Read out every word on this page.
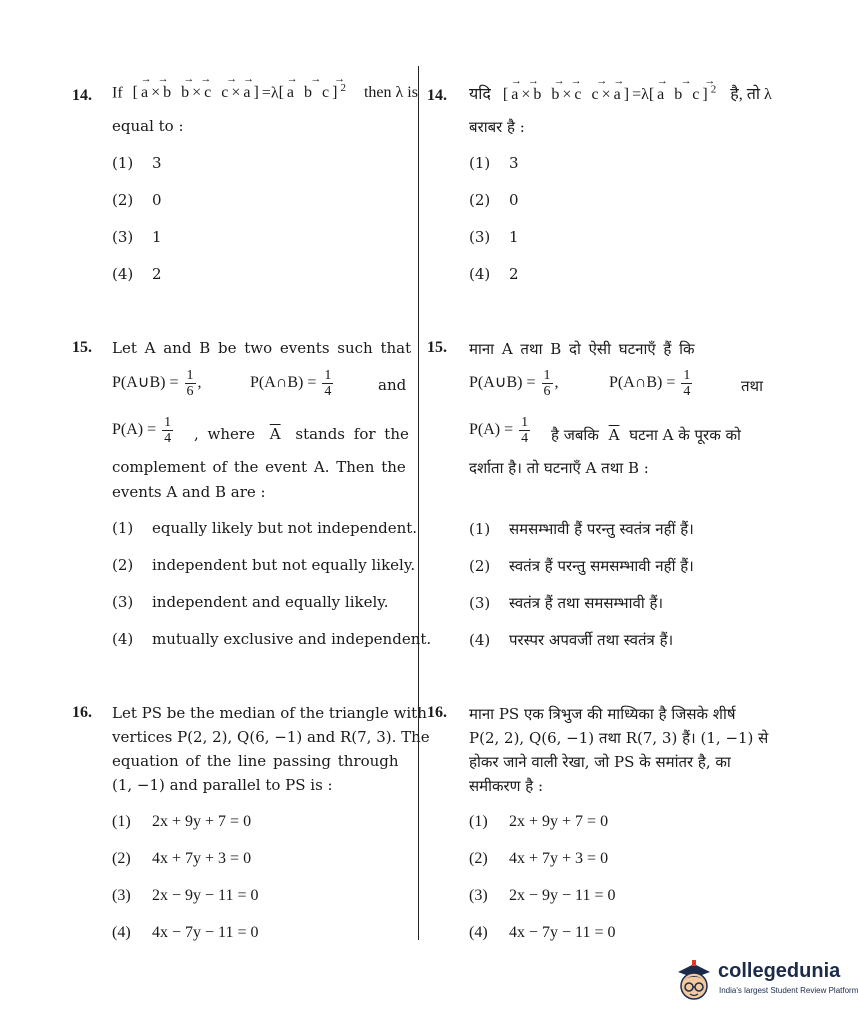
14. If
→→ →→ →→
[a×b b×c c×a]=λ
→ → →
[a b c]$^2$ then λ is
equal to :
(1) 3
(2) 0
(3) 1
(4) 2
15. Let A and B be two events such that
P(A∪B) = $\frac{1}{6}$ ,	P(A∩B) = $\frac{1}{4}$	and
$P(A) = \frac{1}{4}$ , where $\overline{A}$ stands for the
complement of the event A. Then the
events A and B are :
(1) equally likely but not independent.
(2) independent but not equally likely.
(3) independent and equally likely.
(4) mutually exclusive and independent.
16. Let PS be the median of the triangle with
vertices P(2, 2), Q(6, −1) and R(7, 3). The
equation of the line passing through
(1, −1) and parallel to PS is :
(1) 2x + 9y + 7 = 0
(2) 4x + 7y + 3 = 0
(3) 2x − 9y − 11 = 0
(4) 4x − 7y − 11 = 0
14. यदि
→→ →→ →→
[a×b b×c c×a]=λ
→ → →
[a b c]$^2$ है, तो λ
बराबर है :
(1) 3
(2) 0
(3) 1
(4) 2
15. माना A तथा B दो ऐसी घटनाएँ हैं कि
P(A∪B) = $\frac{1}{6}$ ,	P(A∩B) = $\frac{1}{4}$	तथा
$P(A) = \frac{1}{4}$ है जबकि $\overline{A}$ घटना A के पूरक को
दर्शाता है। तो घटनाएँ A तथा B :
(1) समसम्भावी हैं परन्तु स्वतंत्र नहीं हैं।
(2) स्वतंत्र हैं परन्तु समसम्भावी नहीं हैं।
(3) स्वतंत्र हैं तथा समसम्भावी हैं।
(4) परस्पर अपवर्जी तथा स्वतंत्र हैं।
16. माना PS एक त्रिभुज की माध्यिका है जिसके शीर्ष
P(2, 2), Q(6, −1) तथा R(7, 3) हैं। (1, −1) से
होकर जाने वाली रेखा, जो PS के समांतर है, का
समीकरण है :
(1) 2x + 9y + 7 = 0
(2) 4x + 7y + 3 = 0
(3) 2x − 9y − 11 = 0
(4) 4x − 7y − 11 = 0
collegedunia
India's largest Student Review Platform
